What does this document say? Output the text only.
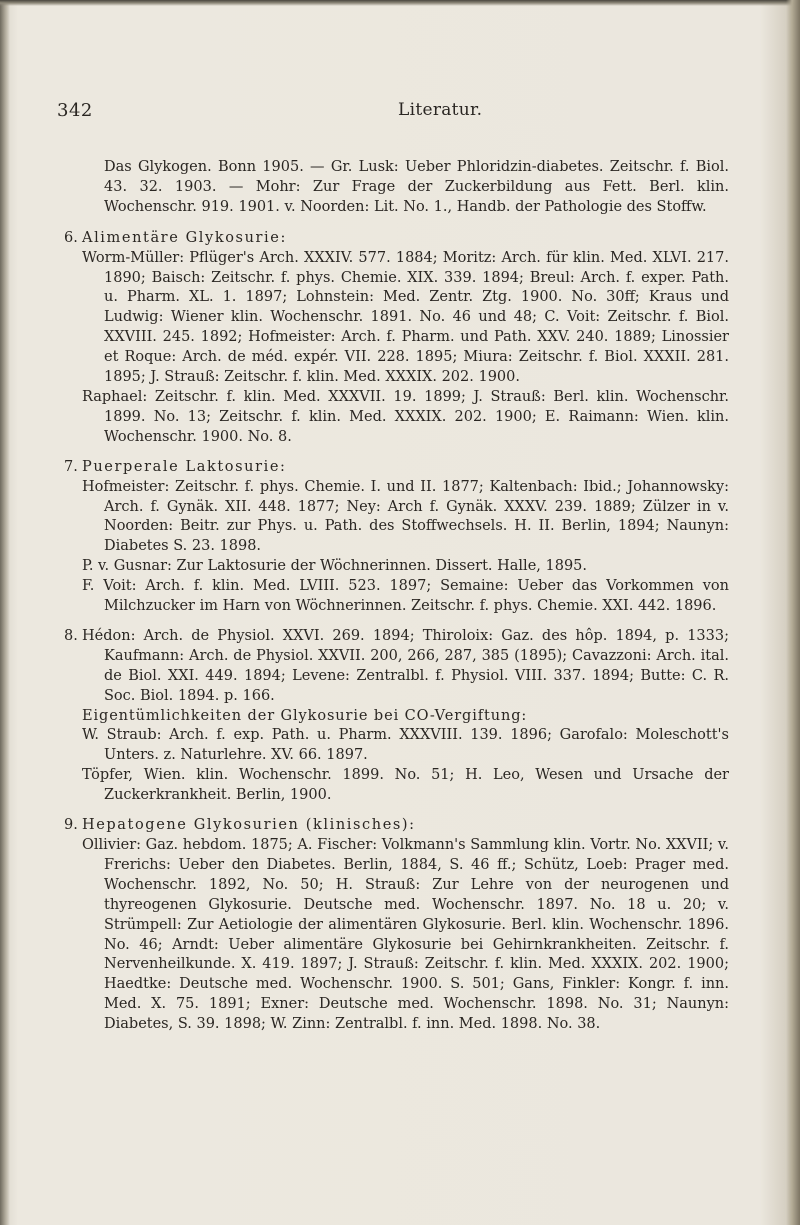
342	Literatur.
Das Glykogen. Bonn 1905. — Gr. Lusk: Ueber Phloridzin-diabetes. Zeitschr. f. Biol. 43. 32. 1903. — Mohr: Zur Frage der Zuckerbildung aus Fett. Berl. klin. Wochenschr. 919. 1901. v. Noorden: Lit. No. 1., Handb. der Pathologie des Stoffw.
6. Alimentäre Glykosurie:
Worm-Müller: Pflüger's Arch. XXXIV. 577. 1884; Moritz: Arch. für klin. Med. XLVI. 217. 1890; Baisch: Zeitschr. f. phys. Chemie. XIX. 339. 1894; Breul: Arch. f. exper. Path. u. Pharm. XL. 1. 1897; Lohnstein: Med. Zentr. Ztg. 1900. No. 30ff; Kraus und Ludwig: Wiener klin. Wochenschr. 1891. No. 46 und 48; C. Voit: Zeitschr. f. Biol. XXVIII. 245. 1892; Hofmeister: Arch. f. Pharm. und Path. XXV. 240. 1889; Linossier et Roque: Arch. de méd. expér. VII. 228. 1895; Miura: Zeitschr. f. Biol. XXXII. 281. 1895; J. Strauß: Zeitschr. f. klin. Med. XXXIX. 202. 1900.
Raphael: Zeitschr. f. klin. Med. XXXVII. 19. 1899; J. Strauß: Berl. klin. Wochenschr. 1899. No. 13; Zeitschr. f. klin. Med. XXXIX. 202. 1900; E. Raimann: Wien. klin. Wochenschr. 1900. No. 8.
7. Puerperale Laktosurie:
Hofmeister: Zeitschr. f. phys. Chemie. I. und II. 1877; Kaltenbach: Ibid.; Johannowsky: Arch. f. Gynäk. XII. 448. 1877; Ney: Arch f. Gynäk. XXXV. 239. 1889; Zülzer in v. Noorden: Beitr. zur Phys. u. Path. des Stoffwechsels. H. II. Berlin, 1894; Naunyn: Diabetes S. 23. 1898.
P. v. Gusnar: Zur Laktosurie der Wöchnerinnen. Dissert. Halle, 1895.
F. Voit: Arch. f. klin. Med. LVIII. 523. 1897; Semaine: Ueber das Vorkommen von Milchzucker im Harn von Wöchnerinnen. Zeitschr. f. phys. Chemie. XXI. 442. 1896.
8. Hédon: Arch. de Physiol. XXVI. 269. 1894; Thiroloix: Gaz. des hôp. 1894, p. 1333; Kaufmann: Arch. de Physiol. XXVII. 200, 266, 287, 385 (1895); Cavazzoni: Arch. ital. de Biol. XXI. 449. 1894; Levene: Zentralbl. f. Physiol. VIII. 337. 1894; Butte: C. R. Soc. Biol. 1894. p. 166.
Eigentümlichkeiten der Glykosurie bei CO-Vergiftung:
W. Straub: Arch. f. exp. Path. u. Pharm. XXXVIII. 139. 1896; Garofalo: Moleschott's Unters. z. Naturlehre. XV. 66. 1897.
Töpfer, Wien. klin. Wochenschr. 1899. No. 51; H. Leo, Wesen und Ursache der Zuckerkrankheit. Berlin, 1900.
9. Hepatogene Glykosurien (klinisches):
Ollivier: Gaz. hebdom. 1875; A. Fischer: Volkmann's Sammlung klin. Vortr. No. XXVII; v. Frerichs: Ueber den Diabetes. Berlin, 1884, S. 46 ff.; Schütz, Loeb: Prager med. Wochenschr. 1892, No. 50; H. Strauß: Zur Lehre von der neurogenen und thyreogenen Glykosurie. Deutsche med. Wochenschr. 1897. No. 18 u. 20; v. Strümpell: Zur Aetiologie der alimentären Glykosurie. Berl. klin. Wochenschr. 1896. No. 46; Arndt: Ueber alimentäre Glykosurie bei Gehirnkrankheiten. Zeitschr. f. Nervenheilkunde. X. 419. 1897; J. Strauß: Zeitschr. f. klin. Med. XXXIX. 202. 1900; Haedtke: Deutsche med. Wochenschr. 1900. S. 501; Gans, Finkler: Kongr. f. inn. Med. X. 75. 1891; Exner: Deutsche med. Wochenschr. 1898. No. 31; Naunyn: Diabetes, S. 39. 1898; W. Zinn: Zentralbl. f. inn. Med. 1898. No. 38.
